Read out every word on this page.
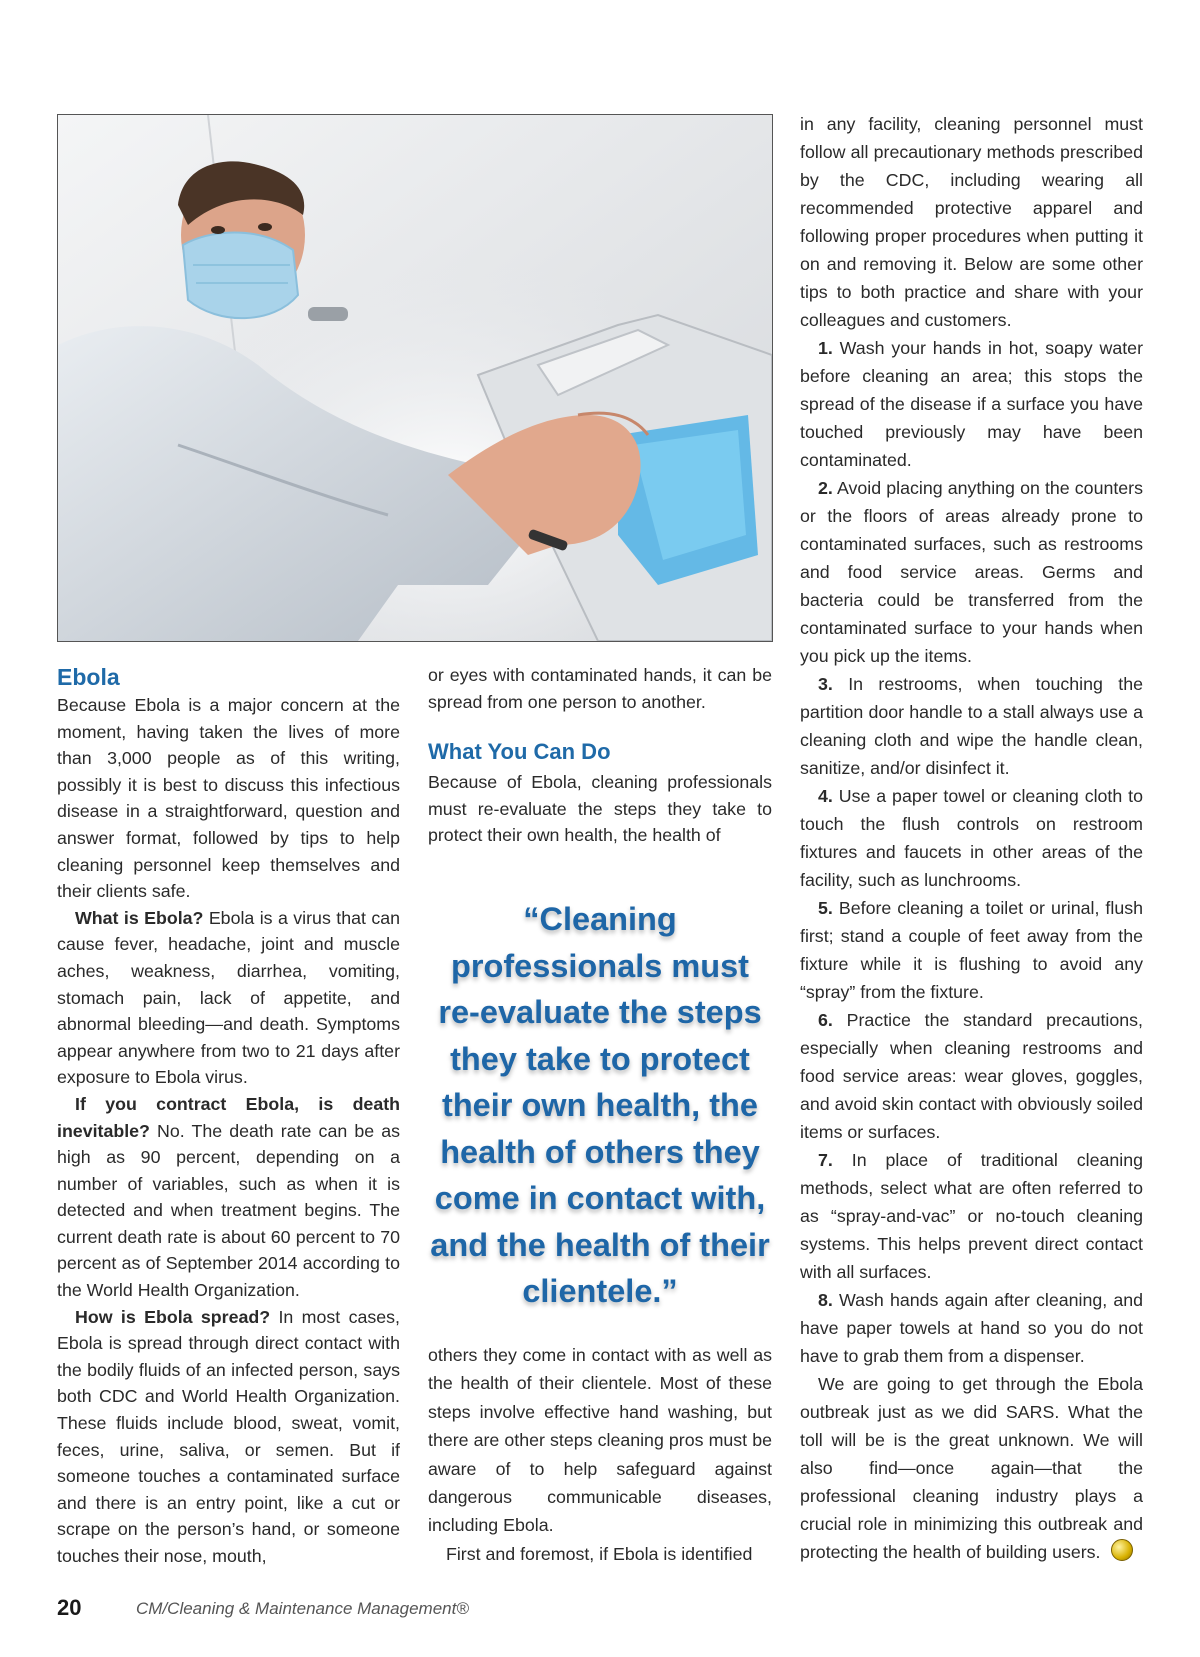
Ebola

Because Ebola is a major concern at the moment, having taken the lives of more than 3,000 people as of this writing, possibly it is best to discuss this infectious disease in a straightforward, question and answer format, followed by tips to help cleaning personnel keep themselves and their clients safe.

What is Ebola? Ebola is a virus that can cause fever, headache, joint and muscle aches, weakness, diarrhea, vomiting, stomach pain, lack of appetite, and abnormal bleeding—and death. Symptoms appear anywhere from two to 21 days after exposure to Ebola virus.

If you contract Ebola, is death inevitable? No. The death rate can be as high as 90 percent, depending on a number of variables, such as when it is detected and when treatment begins. The current death rate is about 60 percent to 70 percent as of September 2014 according to the World Health Organization.

How is Ebola spread? In most cases, Ebola is spread through direct contact with the bodily fluids of an infected person, says both CDC and World Health Organization. These fluids include blood, sweat, vomit, feces, urine, saliva, or semen. But if someone touches a contaminated surface and there is an entry point, like a cut or scrape on the person’s hand, or someone touches their nose, mouth,

or eyes with contaminated hands, it can be spread from one person to another.

What You Can Do

Because of Ebola, cleaning professionals must re-evaluate the steps they take to protect their own health, the health of

“Cleaning professionals must re-evaluate the steps they take to protect their own health, the health of others they come in contact with, and the health of their clientele.”

others they come in contact with as well as the health of their clientele. Most of these steps involve effective hand washing, but there are other steps cleaning pros must be aware of to help safeguard against dangerous communicable diseases, including Ebola.

First and foremost, if Ebola is identified

in any facility, cleaning personnel must follow all precautionary methods prescribed by the CDC, including wearing all recommended protective apparel and following proper procedures when putting it on and removing it. Below are some other tips to both practice and share with your colleagues and customers.

1. Wash your hands in hot, soapy water before cleaning an area; this stops the spread of the disease if a surface you have touched previously may have been contaminated.

2. Avoid placing anything on the counters or the floors of areas already prone to contaminated surfaces, such as restrooms and food service areas. Germs and bacteria could be transferred from the contaminated surface to your hands when you pick up the items.

3. In restrooms, when touching the partition door handle to a stall always use a cleaning cloth and wipe the handle clean, sanitize, and/or disinfect it.

4. Use a paper towel or cleaning cloth to touch the flush controls on restroom fixtures and faucets in other areas of the facility, such as lunchrooms.

5. Before cleaning a toilet or urinal, flush first; stand a couple of feet away from the fixture while it is flushing to avoid any “spray” from the fixture.

6. Practice the standard precautions, especially when cleaning restrooms and food service areas: wear gloves, goggles, and avoid skin contact with obviously soiled items or surfaces.

7. In place of traditional cleaning methods, select what are often referred to as “spray-and-vac” or no-touch cleaning systems. This helps prevent direct contact with all surfaces.

8. Wash hands again after cleaning, and have paper towels at hand so you do not have to grab them from a dispenser.

We are going to get through the Ebola outbreak just as we did SARS. What the toll will be is the great unknown. We will also find—once again—that the professional cleaning industry plays a crucial role in minimizing this outbreak and protecting the health of building users.

20	CM/Cleaning & Maintenance Management®
